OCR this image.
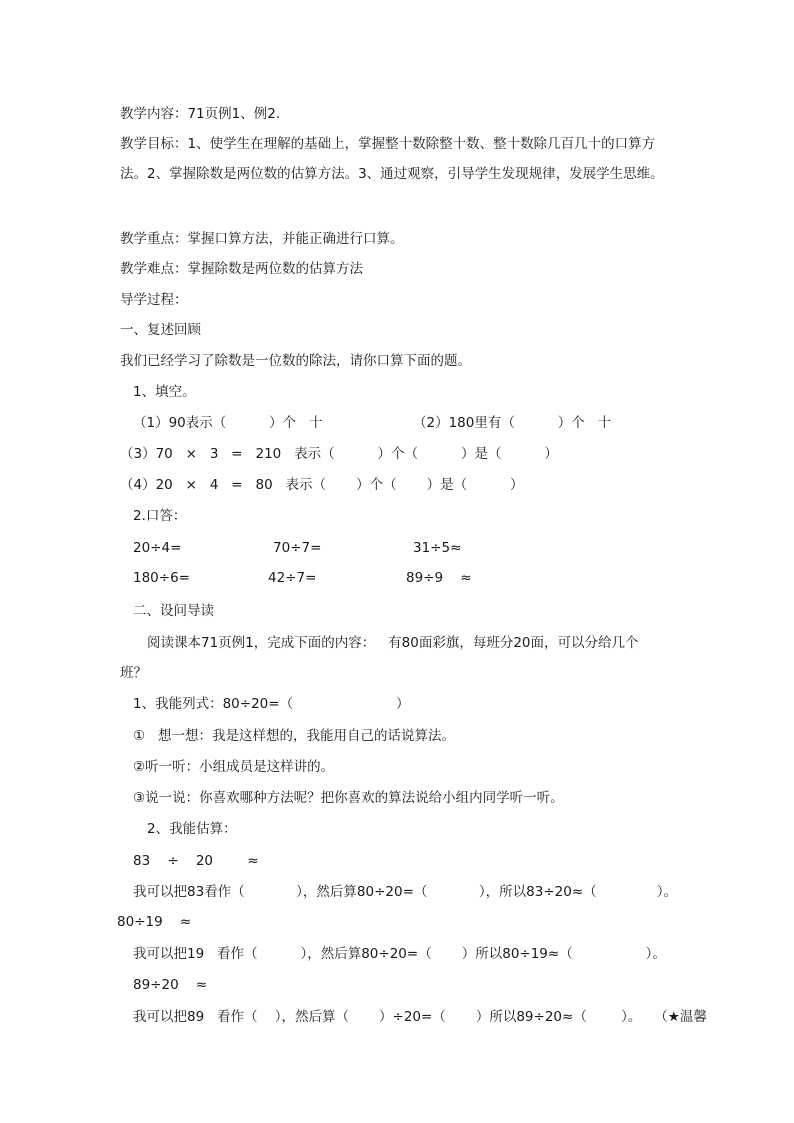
教学内容：71页例1、例2.
教学目标：1、使学生在理解的基础上，掌握整十数除整十数、整十数除几百几十的口算方
法。2、掌握除数是两位数的估算方法。3、通过观察，引导学生发现规律，发展学生思维。
教学重点：掌握口算方法，并能正确进行口算。
教学难点：掌握除数是两位数的估算方法
导学过程：
一、复述回顾
我们已经学习了除数是一位数的除法，请你口算下面的题。
1、填空。
（1）90表示（          ）个   十	（2）180里有（          ）个   十
（3）70   ×   3   =   210   表示（          ）个（          ）是（          ）
（4）20   ×   4   =   80   表示（       ）个（       ）是（          ）
2.口答：
20÷4=	70÷7=	31÷5≈
180÷6=	42÷7=	89÷9    ≈
二、设问导读
阅读课本71页例1，完成下面的内容：   有80面彩旗，每班分20面，可以分给几个
班？
1、我能列式：80÷20=（                        ）
①   想一想：我是这样想的，我能用自己的话说算法。
②听一听：小组成员是这样讲的。
③说一说：你喜欢哪种方法呢？把你喜欢的算法说给小组内同学听一听。
2、我能估算：
83    ÷    20        ≈
我可以把83看作（            ），然后算80÷20=（            ），所以83÷20≈（              ）。
80÷19    ≈
我可以把19   看作（          ），然后算80÷20=（       ）所以80÷19≈（                 ）。
89÷20    ≈
我可以把89   看作（    ），然后算（       ）÷20=（       ）所以89÷20≈（        ）。   （★温馨
